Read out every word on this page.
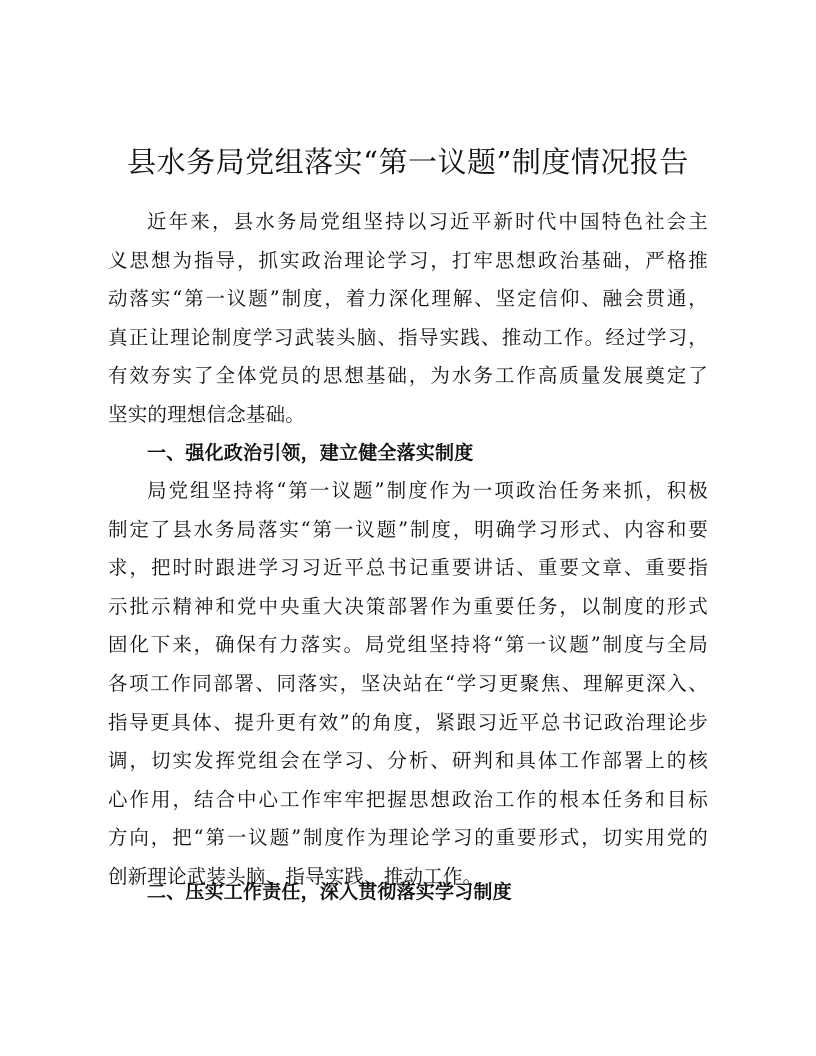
县水务局党组落实“第一议题”制度情况报告
近年来，县水务局党组坚持以习近平新时代中国特色社会主
义思想为指导，抓实政治理论学习，打牢思想政治基础，严格推
动落实“第一议题”制度，着力深化理解、坚定信仰、融会贯通，
真正让理论制度学习武装头脑、指导实践、推动工作。经过学习，
有效夯实了全体党员的思想基础，为水务工作高质量发展奠定了
坚实的理想信念基础。
一、强化政治引领，建立健全落实制度
局党组坚持将“第一议题”制度作为一项政治任务来抓，积极
制定了县水务局落实“第一议题”制度，明确学习形式、内容和要
求，把时时跟进学习习近平总书记重要讲话、重要文章、重要指
示批示精神和党中央重大决策部署作为重要任务，以制度的形式
固化下来，确保有力落实。局党组坚持将“第一议题”制度与全局
各项工作同部署、同落实，坚决站在“学习更聚焦、理解更深入、
指导更具体、提升更有效”的角度，紧跟习近平总书记政治理论步
调，切实发挥党组会在学习、分析、研判和具体工作部署上的核
心作用，结合中心工作牢牢把握思想政治工作的根本任务和目标
方向，把“第一议题”制度作为理论学习的重要形式，切实用党的
创新理论武装头脑、指导实践、推动工作。
二、压实工作责任，深入贯彻落实学习制度
